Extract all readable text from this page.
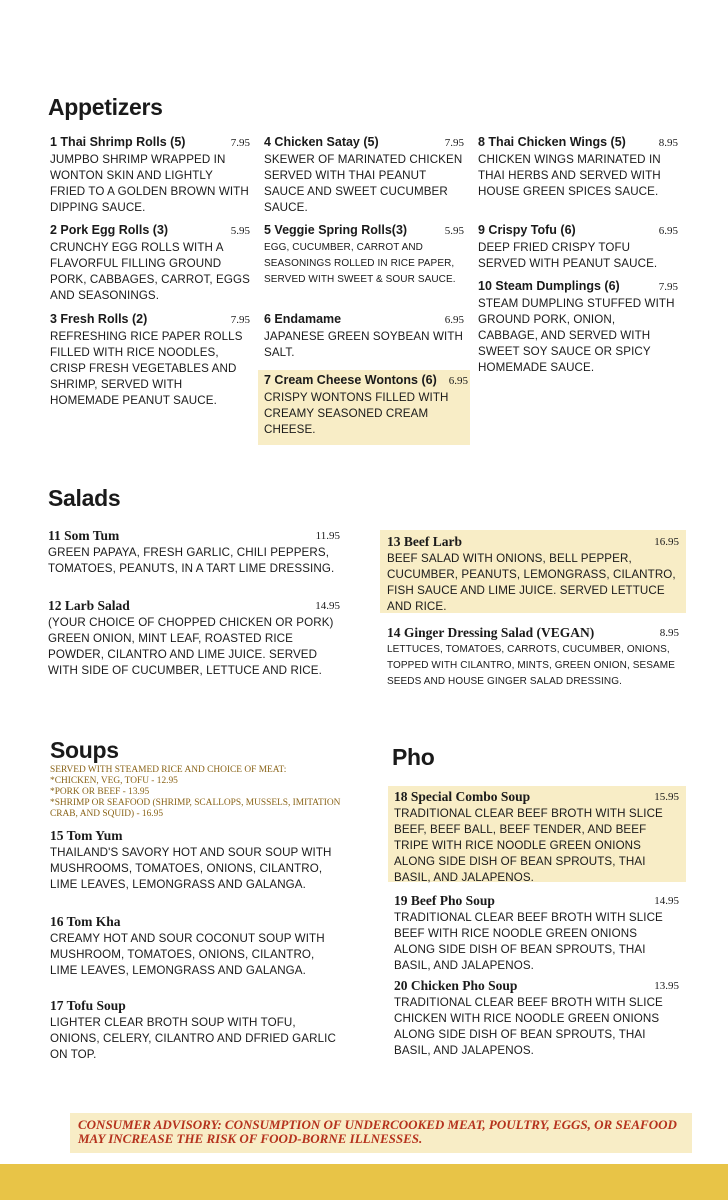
Appetizers
1 Thai Shrimp Rolls (5)	7.95
JUMPBO SHRIMP WRAPPED IN WONTON SKIN AND LIGHTLY FRIED TO A GOLDEN BROWN WITH DIPPING SAUCE.
2 Pork Egg Rolls (3)	5.95
CRUNCHY EGG ROLLS WITH A FLAVORFUL FILLING GROUND PORK, CABBAGES, CARROT, EGGS AND SEASONINGS.
3 Fresh Rolls (2)	7.95
REFRESHING RICE PAPER ROLLS FILLED WITH RICE NOODLES, CRISP FRESH VEGETABLES AND SHRIMP, SERVED WITH HOMEMADE PEANUT SAUCE.
4 Chicken Satay (5)	7.95
SKEWER OF MARINATED CHICKEN SERVED WITH THAI PEANUT SAUCE AND SWEET CUCUMBER SAUCE.
5 Veggie Spring Rolls(3)	5.95
EGG, CUCUMBER, CARROT AND SEASONINGS ROLLED IN RICE PAPER, SERVED WITH SWEET & SOUR SAUCE.
6 Endamame	6.95
JAPANESE GREEN SOYBEAN WITH SALT.
7 Cream Cheese Wontons (6) 6.95
CRISPY WONTONS FILLED WITH CREAMY SEASONED CREAM CHEESE.
8 Thai Chicken Wings (5)	8.95
CHICKEN WINGS MARINATED IN THAI HERBS AND SERVED WITH HOUSE GREEN SPICES SAUCE.
9 Crispy Tofu (6)	6.95
DEEP FRIED CRISPY TOFU SERVED WITH PEANUT SAUCE.
10 Steam Dumplings (6)	7.95
STEAM DUMPLING STUFFED WITH GROUND PORK, ONION, CABBAGE, AND SERVED WITH SWEET SOY SAUCE OR SPICY HOMEMADE SAUCE.
Salads
11 Som Tum	11.95
GREEN PAPAYA, FRESH GARLIC, CHILI PEPPERS, TOMATOES, PEANUTS, IN A TART LIME DRESSING.
12 Larb Salad	14.95
(YOUR CHOICE OF CHOPPED CHICKEN OR PORK) GREEN ONION, MINT LEAF, ROASTED RICE POWDER, CILANTRO AND LIME JUICE. SERVED WITH SIDE OF CUCUMBER, LETTUCE AND RICE.
13 Beef Larb	16.95
BEEF SALAD WITH ONIONS, BELL PEPPER, CUCUMBER, PEANUTS, LEMONGRASS, CILANTRO, FISH SAUCE AND LIME JUICE. SERVED LETTUCE AND RICE.
14 Ginger Dressing Salad (VEGAN)	8.95
LETTUCES, TOMATOES, CARROTS, CUCUMBER, ONIONS, TOPPED WITH CILANTRO, MINTS, GREEN ONION, SESAME SEEDS AND HOUSE GINGER SALAD DRESSING.
Soups
SERVED WITH STEAMED RICE AND CHOICE OF MEAT:
*CHICKEN, VEG, TOFU - 12.95
*PORK OR BEEF - 13.95
*SHRIMP OR SEAFOOD (SHRIMP, SCALLOPS, MUSSELS, IMITATION CRAB, AND SQUID) - 16.95
15 Tom Yum
THAILAND'S SAVORY HOT AND SOUR SOUP WITH MUSHROOMS, TOMATOES, ONIONS, CILANTRO, LIME LEAVES, LEMONGRASS AND GALANGA.
16 Tom Kha
CREAMY HOT AND SOUR COCONUT SOUP WITH MUSHROOM, TOMATOES, ONIONS, CILANTRO, LIME LEAVES, LEMONGRASS AND GALANGA.
17 Tofu Soup
LIGHTER CLEAR BROTH SOUP WITH TOFU, ONIONS, CELERY, CILANTRO AND DFRIED GARLIC ON TOP.
Pho
18 Special Combo Soup	15.95
TRADITIONAL CLEAR BEEF BROTH WITH SLICE BEEF, BEEF BALL, BEEF TENDER, AND BEEF TRIPE WITH RICE NOODLE GREEN ONIONS ALONG SIDE DISH OF BEAN SPROUTS, THAI BASIL, AND JALAPENOS.
19 Beef Pho Soup	14.95
TRADITIONAL CLEAR BEEF BROTH WITH SLICE BEEF WITH RICE NOODLE GREEN ONIONS ALONG SIDE DISH OF BEAN SPROUTS, THAI BASIL, AND JALAPENOS.
20 Chicken Pho Soup	13.95
TRADITIONAL CLEAR BEEF BROTH WITH SLICE CHICKEN WITH RICE NOODLE GREEN ONIONS ALONG SIDE DISH OF BEAN SPROUTS, THAI BASIL, AND JALAPENOS.
CONSUMER ADVISORY: CONSUMPTION OF UNDERCOOKED MEAT, POULTRY, EGGS, OR SEAFOOD MAY INCREASE THE RISK OF FOOD-BORNE ILLNESSES.
